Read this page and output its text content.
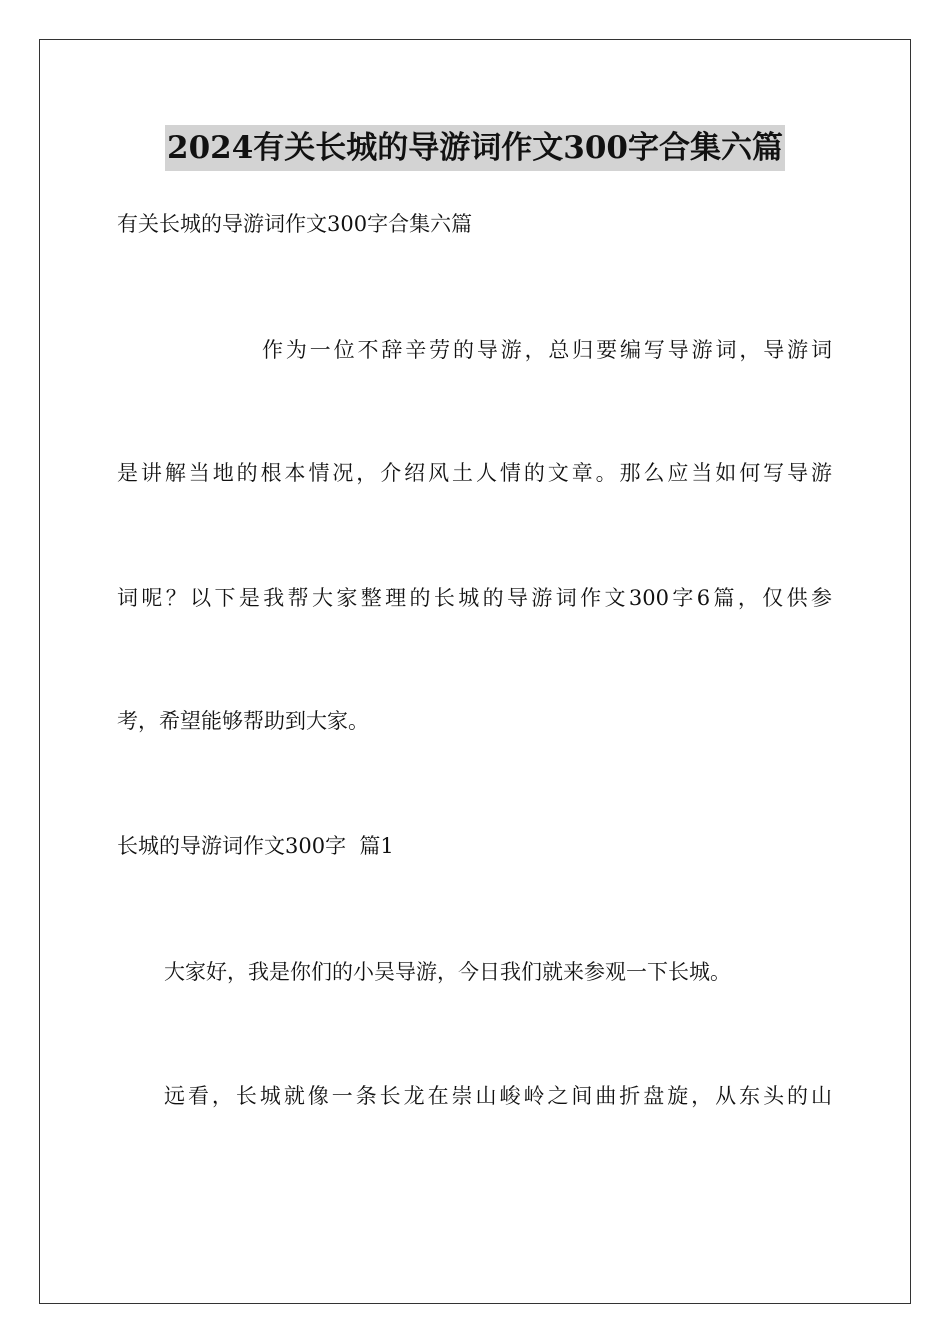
2024有关长城的导游词作文300字合集六篇
有关长城的导游词作文300字合集六篇
作为一位不辞辛劳的导游，总归要编写导游词，导游词
是讲解当地的根本情况，介绍风土人情的文章。那么应当如何写导游
词呢？以下是我帮大家整理的长城的导游词作文300字6篇，仅供参
考，希望能够帮助到大家。
长城的导游词作文300字  篇1
大家好，我是你们的小吴导游，今日我们就来参观一下长城。
远看，长城就像一条长龙在崇山峻岭之间曲折盘旋，从东头的山
